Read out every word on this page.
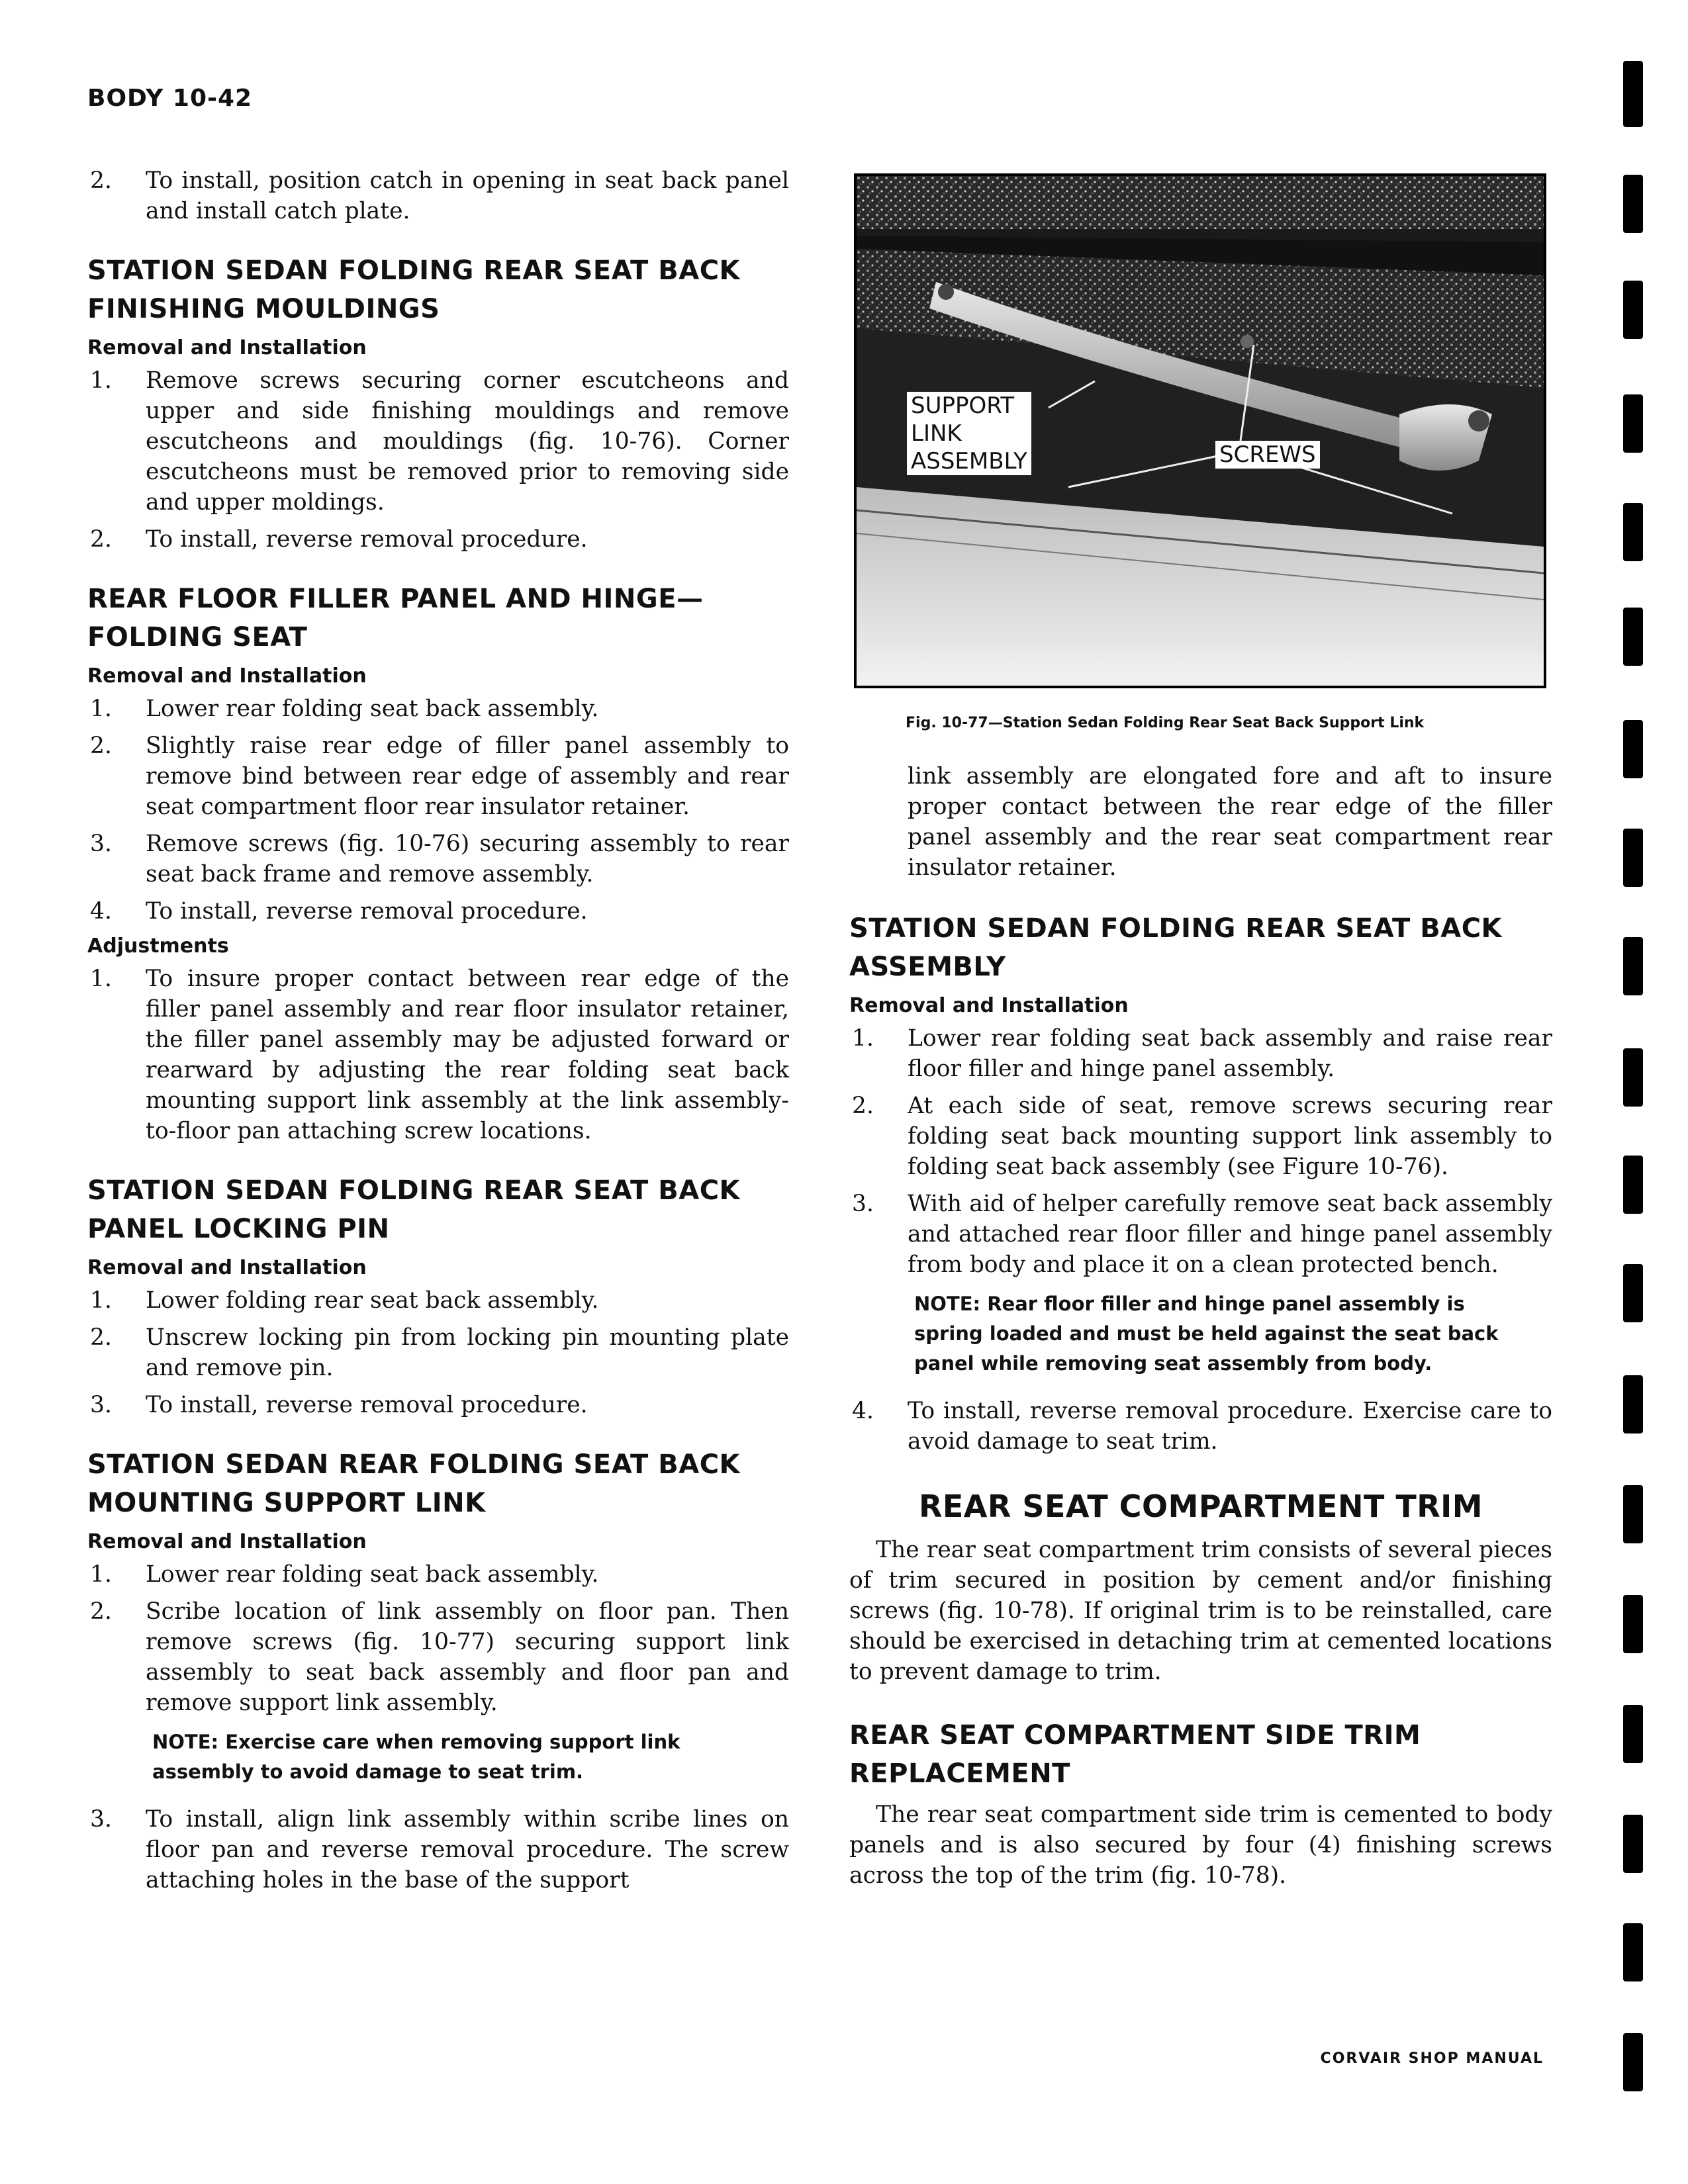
BODY 10-42

2. To install, position catch in opening in seat back panel and install catch plate.

STATION SEDAN FOLDING REAR SEAT BACK FINISHING MOULDINGS
Removal and Installation

1. Remove screws securing corner escutcheons and upper and side finishing mouldings and remove escutcheons and mouldings (fig. 10-76). Corner escutcheons must be removed prior to removing side and upper moldings.

2. To install, reverse removal procedure.

REAR FLOOR FILLER PANEL AND HINGE— FOLDING SEAT
Removal and Installation

1. Lower rear folding seat back assembly.

2. Slightly raise rear edge of filler panel assembly to remove bind between rear edge of assembly and rear seat compartment floor rear insulator retainer.

3. Remove screws (fig. 10-76) securing assembly to rear seat back frame and remove assembly.

4. To install, reverse removal procedure.

Adjustments

1. To insure proper contact between rear edge of the filler panel assembly and rear floor insulator retainer, the filler panel assembly may be adjusted forward or rearward by adjusting the rear folding seat back mounting support link assembly at the link assembly-to-floor pan attaching screw locations.

STATION SEDAN FOLDING REAR SEAT BACK PANEL LOCKING PIN
Removal and Installation

1. Lower folding rear seat back assembly.

2. Unscrew locking pin from locking pin mounting plate and remove pin.

3. To install, reverse removal procedure.

STATION SEDAN REAR FOLDING SEAT BACK MOUNTING SUPPORT LINK
Removal and Installation

1. Lower rear folding seat back assembly.

2. Scribe location of link assembly on floor pan. Then remove screws (fig. 10-77) securing support link assembly to seat back assembly and floor pan and remove support link assembly.

NOTE: Exercise care when removing support link assembly to avoid damage to seat trim.

3. To install, align link assembly within scribe lines on floor pan and reverse removal procedure. The screw attaching holes in the base of the support

SUPPORT
LINK
ASSEMBLY	SCREWS
Fig. 10-77—Station Sedan Folding Rear Seat Back Support Link

link assembly are elongated fore and aft to insure proper contact between the rear edge of the filler panel assembly and the rear seat compartment rear insulator retainer.

STATION SEDAN FOLDING REAR SEAT BACK ASSEMBLY
Removal and Installation

1. Lower rear folding seat back assembly and raise rear floor filler and hinge panel assembly.

2. At each side of seat, remove screws securing rear folding seat back mounting support link assembly to folding seat back assembly (see Figure 10-76).

3. With aid of helper carefully remove seat back assembly and attached rear floor filler and hinge panel assembly from body and place it on a clean protected bench.

NOTE: Rear floor filler and hinge panel assembly is spring loaded and must be held against the seat back panel while removing seat assembly from body.

4. To install, reverse removal procedure. Exercise care to avoid damage to seat trim.

REAR SEAT COMPARTMENT TRIM

The rear seat compartment trim consists of several pieces of trim secured in position by cement and/or finishing screws (fig. 10-78). If original trim is to be reinstalled, care should be exercised in detaching trim at cemented locations to prevent damage to trim.

REAR SEAT COMPARTMENT SIDE TRIM REPLACEMENT

The rear seat compartment side trim is cemented to body panels and is also secured by four (4) finishing screws across the top of the trim (fig. 10-78).

CORVAIR SHOP MANUAL
